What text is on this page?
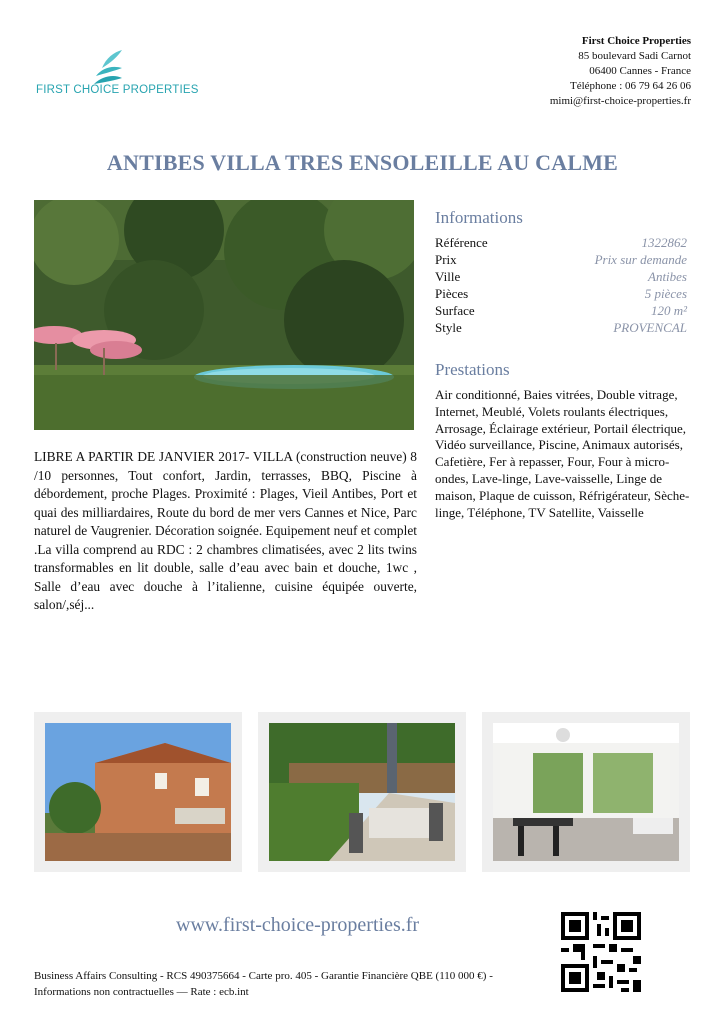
FIRST CHOICE PROPERTIES
First Choice Properties
85 boulevard Sadi Carnot
06400 Cannes - France
Téléphone : 06 79 64 26 06
mimi@first-choice-properties.fr
ANTIBES VILLA TRES ENSOLEILLE AU CALME
LIBRE A PARTIR DE JANVIER 2017- VILLA (construction neuve) 8 /10 personnes, Tout confort, Jardin, terrasses, BBQ, Piscine à débordement, proche Plages. Proximité : Plages, Vieil Antibes, Port et quai des milliardaires, Route du bord de mer vers Cannes et Nice, Parc naturel de Vaugrenier. Décoration soignée. Equipement neuf et complet .La villa comprend au RDC : 2 chambres climatisées, avec 2 lits twins transformables en lit double, salle d’eau avec bain et douche, 1wc , Salle d’eau avec douche à l’italienne, cuisine équipée ouverte, salon/,séj...
Informations
Référence	1322862
Prix	Prix sur demande
Ville	Antibes
Pièces	5 pièces
Surface	120 m²
Style	PROVENCAL
Prestations
Air conditionné, Baies vitrées, Double vitrage, Internet, Meublé, Volets roulants électriques, Arrosage, Éclairage extérieur, Portail électrique, Vidéo surveillance, Piscine, Animaux autorisés, Cafetière, Fer à repasser, Four, Four à micro-ondes, Lave-linge, Lave-vaisselle, Linge de maison, Plaque de cuisson, Réfrigérateur, Sèche-linge, Téléphone, TV Satellite, Vaisselle
www.first-choice-properties.fr
Business Affairs Consulting - RCS 490375664 - Carte pro. 405 - Garantie Financière QBE (110 000 €) - Informations non contractuelles — Rate : ecb.int
